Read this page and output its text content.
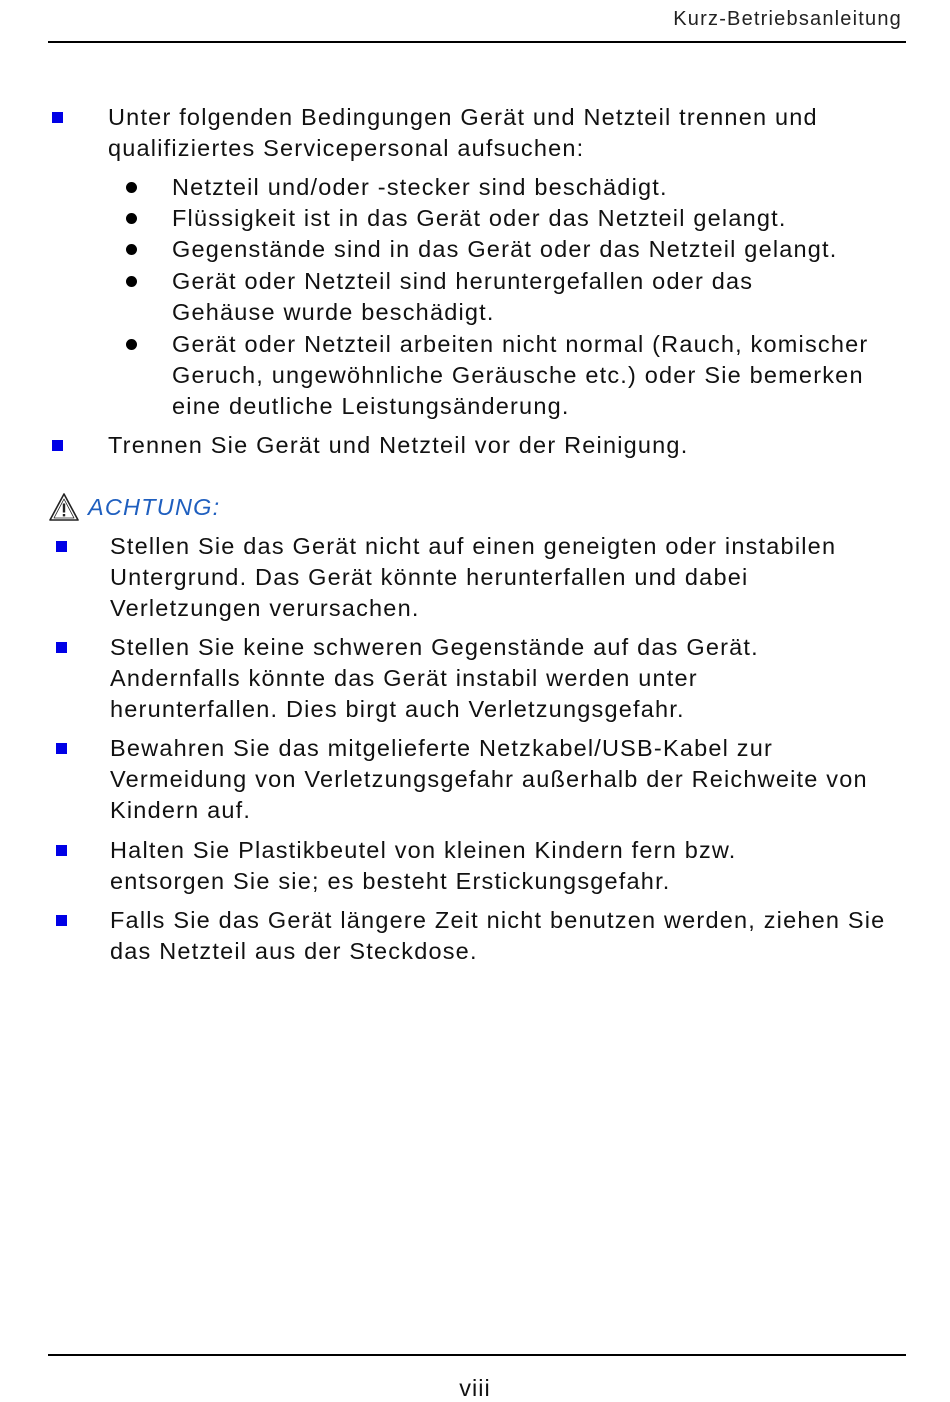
Kurz-Betriebsanleitung

Unter folgenden Bedingungen Gerät und Netzteil trennen und qualifiziertes Servicepersonal aufsuchen:

Netzteil und/oder -stecker sind beschädigt.

Flüssigkeit ist in das Gerät oder das Netzteil gelangt.

Gegenstände sind in das Gerät oder das Netzteil gelangt.

Gerät oder Netzteil sind heruntergefallen oder das Gehäuse wurde beschädigt.

Gerät oder Netzteil arbeiten nicht normal (Rauch, komischer Geruch, ungewöhnliche Geräusche etc.) oder Sie bemerken eine deutliche Leistungsänderung.

Trennen Sie Gerät und Netzteil vor der Reinigung.

ACHTUNG:

Stellen Sie das Gerät nicht auf einen geneigten oder instabilen Untergrund. Das Gerät könnte herunterfallen und dabei Verletzungen verursachen.

Stellen Sie keine schweren Gegenstände auf das Gerät. Andernfalls könnte das Gerät instabil werden unter herunterfallen. Dies birgt auch Verletzungsgefahr.

Bewahren Sie das mitgelieferte Netzkabel/USB-Kabel zur Vermeidung von Verletzungsgefahr außerhalb der Reichweite von Kindern auf.

Halten Sie Plastikbeutel von kleinen Kindern fern bzw. entsorgen Sie sie; es besteht Erstickungsgefahr.

Falls Sie das Gerät längere Zeit nicht benutzen werden, ziehen Sie das Netzteil aus der Steckdose.

viii
